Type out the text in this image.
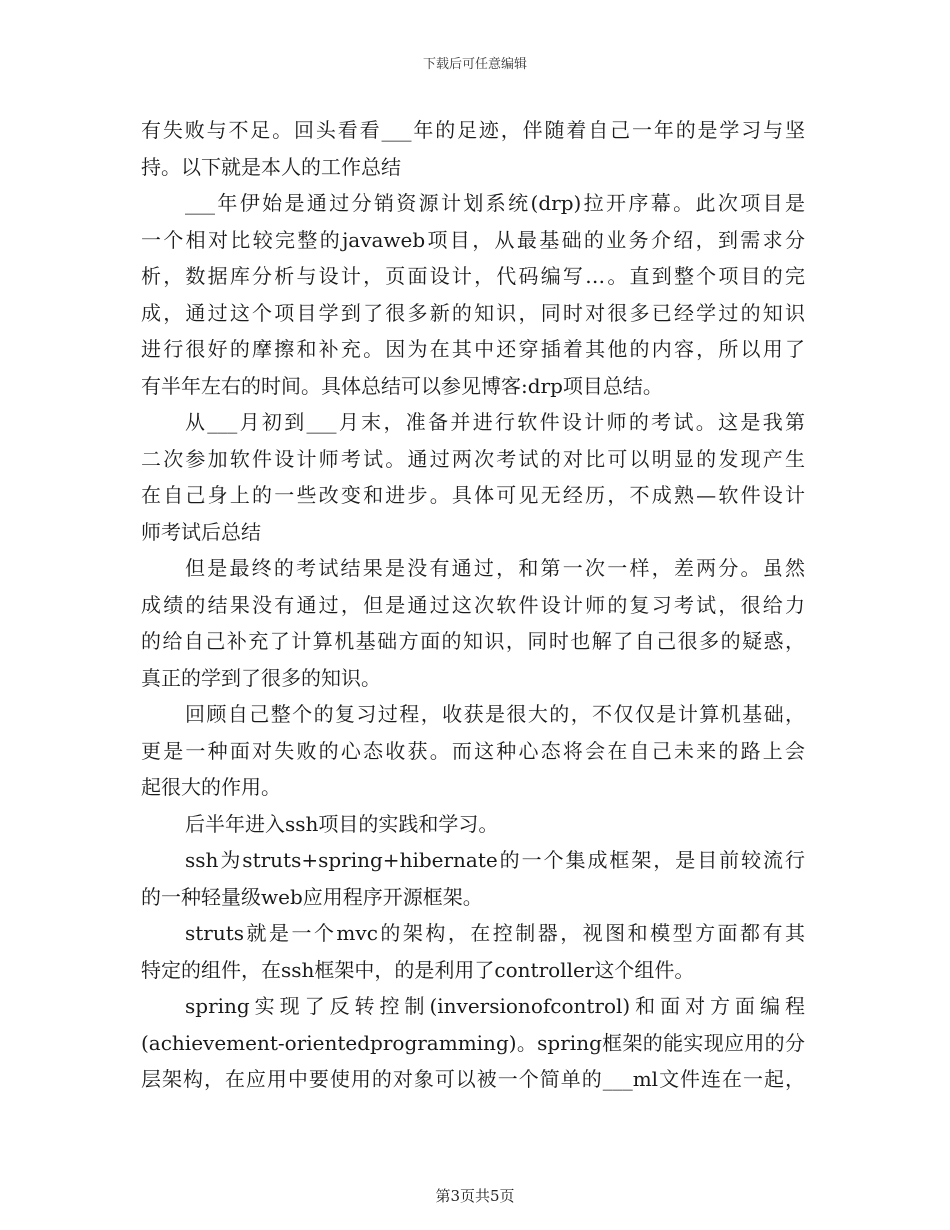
下载后可任意编辑
有失败与不足。回头看看___年的足迹，伴随着自己一年的是学习与坚
持。以下就是本人的工作总结
___年伊始是通过分销资源计划系统(drp)拉开序幕。此次项目是
一个相对比较完整的javaweb项目，从最基础的业务介绍，到需求分
析，数据库分析与设计，页面设计，代码编写…。直到整个项目的完
成，通过这个项目学到了很多新的知识，同时对很多已经学过的知识
进行很好的摩擦和补充。因为在其中还穿插着其他的内容，所以用了
有半年左右的时间。具体总结可以参见博客:drp项目总结。
从___月初到___月末，准备并进行软件设计师的考试。这是我第
二次参加软件设计师考试。通过两次考试的对比可以明显的发现产生
在自己身上的一些改变和进步。具体可见无经历，不成熟—软件设计
师考试后总结
但是最终的考试结果是没有通过，和第一次一样，差两分。虽然
成绩的结果没有通过，但是通过这次软件设计师的复习考试，很给力
的给自己补充了计算机基础方面的知识，同时也解了自己很多的疑惑，
真正的学到了很多的知识。
回顾自己整个的复习过程，收获是很大的，不仅仅是计算机基础，
更是一种面对失败的心态收获。而这种心态将会在自己未来的路上会
起很大的作用。
后半年进入ssh项目的实践和学习。
ssh为struts+spring+hibernate的一个集成框架，是目前较流行
的一种轻量级web应用程序开源框架。
struts就是一个mvc的架构，在控制器，视图和模型方面都有其
特定的组件，在ssh框架中，的是利用了controller这个组件。
spring实现了反转控制(inversionofcontrol)和面对方面编程
(achievement-orientedprogramming)。spring框架的能实现应用的分
层架构，在应用中要使用的对象可以被一个简单的___ml文件连在一起，
第3页共5页
